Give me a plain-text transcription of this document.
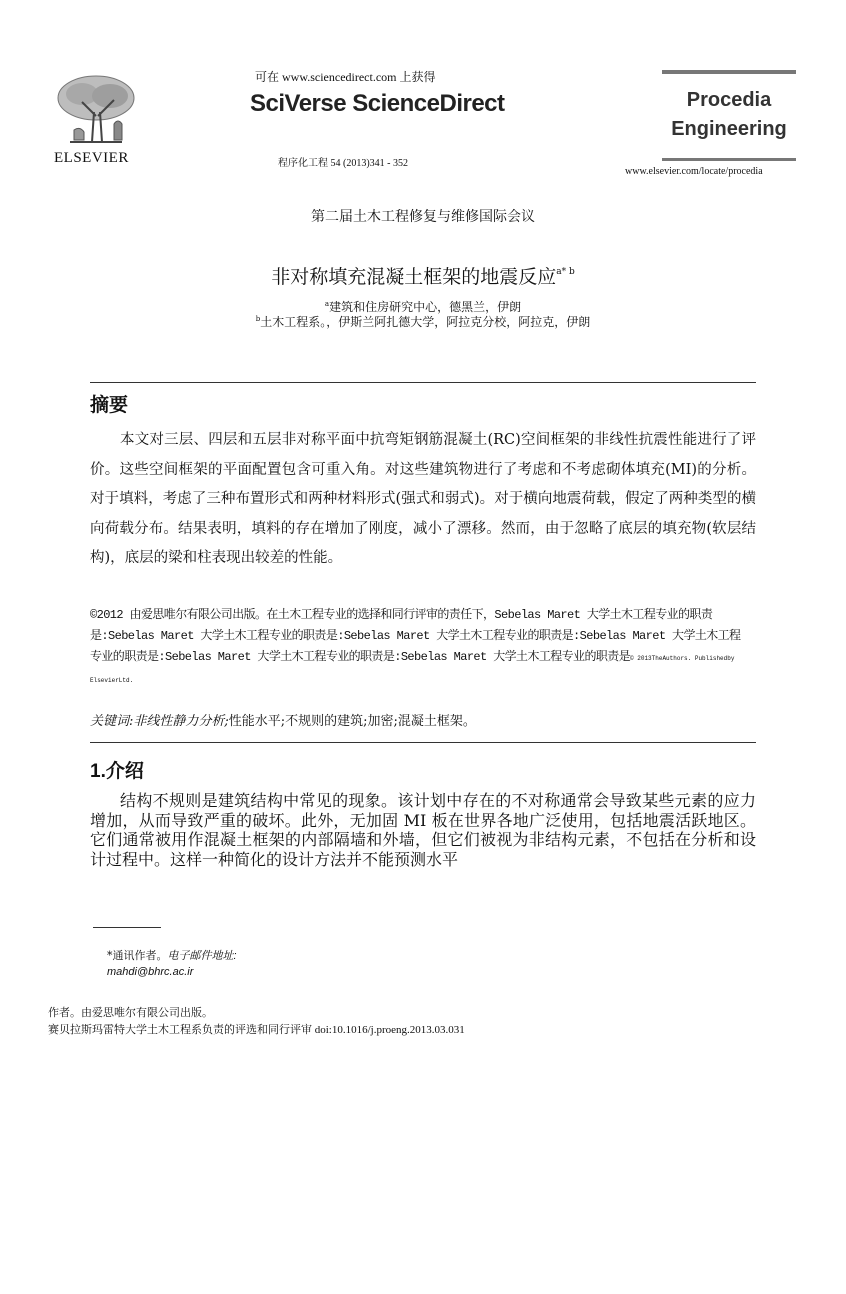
ELSEVIER
可在 www.sciencedirect.com 上获得
SciVerse ScienceDirect
程序化工程 54 (2013)341 - 352
Procedia
Engineering
www.elsevier.com/locate/procedia
第二届土木工程修复与维修国际会议
非对称填充混凝土框架的地震反应$^{a* b}$
$^a$建筑和住房研究中心，德黑兰，伊朗
$^b$土木工程系。，伊斯兰阿扎德大学，阿拉克分校，阿拉克，伊朗
摘要

本文对三层、四层和五层非对称平面中抗弯矩钢筋混凝土(RC)空间框架的非线性抗震性能进行了评价。这些空间框架的平面配置包含可重入角。对这些建筑物进行了考虑和不考虑砌体填充(MI)的分析。对于填料，考虑了三种布置形式和两种材料形式(强式和弱式)。对于横向地震荷载，假定了两种类型的横向荷载分布。结果表明，填料的存在增加了刚度，减小了漂移。然而，由于忽略了底层的填充物(软层结构)，底层的梁和柱表现出较差的性能。

©2012 由爱思唯尔有限公司出版。在土木工程专业的选择和同行评审的责任下，Sebelas Maret 大学土木工程专业的职责是:Sebelas Maret 大学土木工程专业的职责是:Sebelas Maret 大学土木工程专业的职责是:Sebelas Maret 大学土木工程专业的职责是:Sebelas Maret 大学土木工程专业的职责是:Sebelas Maret 大学土木工程专业的职责是© 2013TheAuthors. Publishedby ElsevierLtd.

关键词:非线性静力分析;性能水平;不规则的建筑;加密;混凝土框架。
1.介绍

结构不规则是建筑结构中常见的现象。该计划中存在的不对称通常会导致某些元素的应力增加，从而导致严重的破坏。此外，无加固 MI 板在世界各地广泛使用，包括地震活跃地区。它们通常被用作混凝土框架的内部隔墙和外墙，但它们被视为非结构元素，不包括在分析和设计过程中。这样一种简化的设计方法并不能预测水平

*通讯作者。电子邮件地址:
mahdi@bhrc.ac.ir
作者。由爱思唯尔有限公司出版。
赛贝拉斯玛雷特大学土木工程系负责的评选和同行评审 doi:10.1016/j.proeng.2013.03.031
